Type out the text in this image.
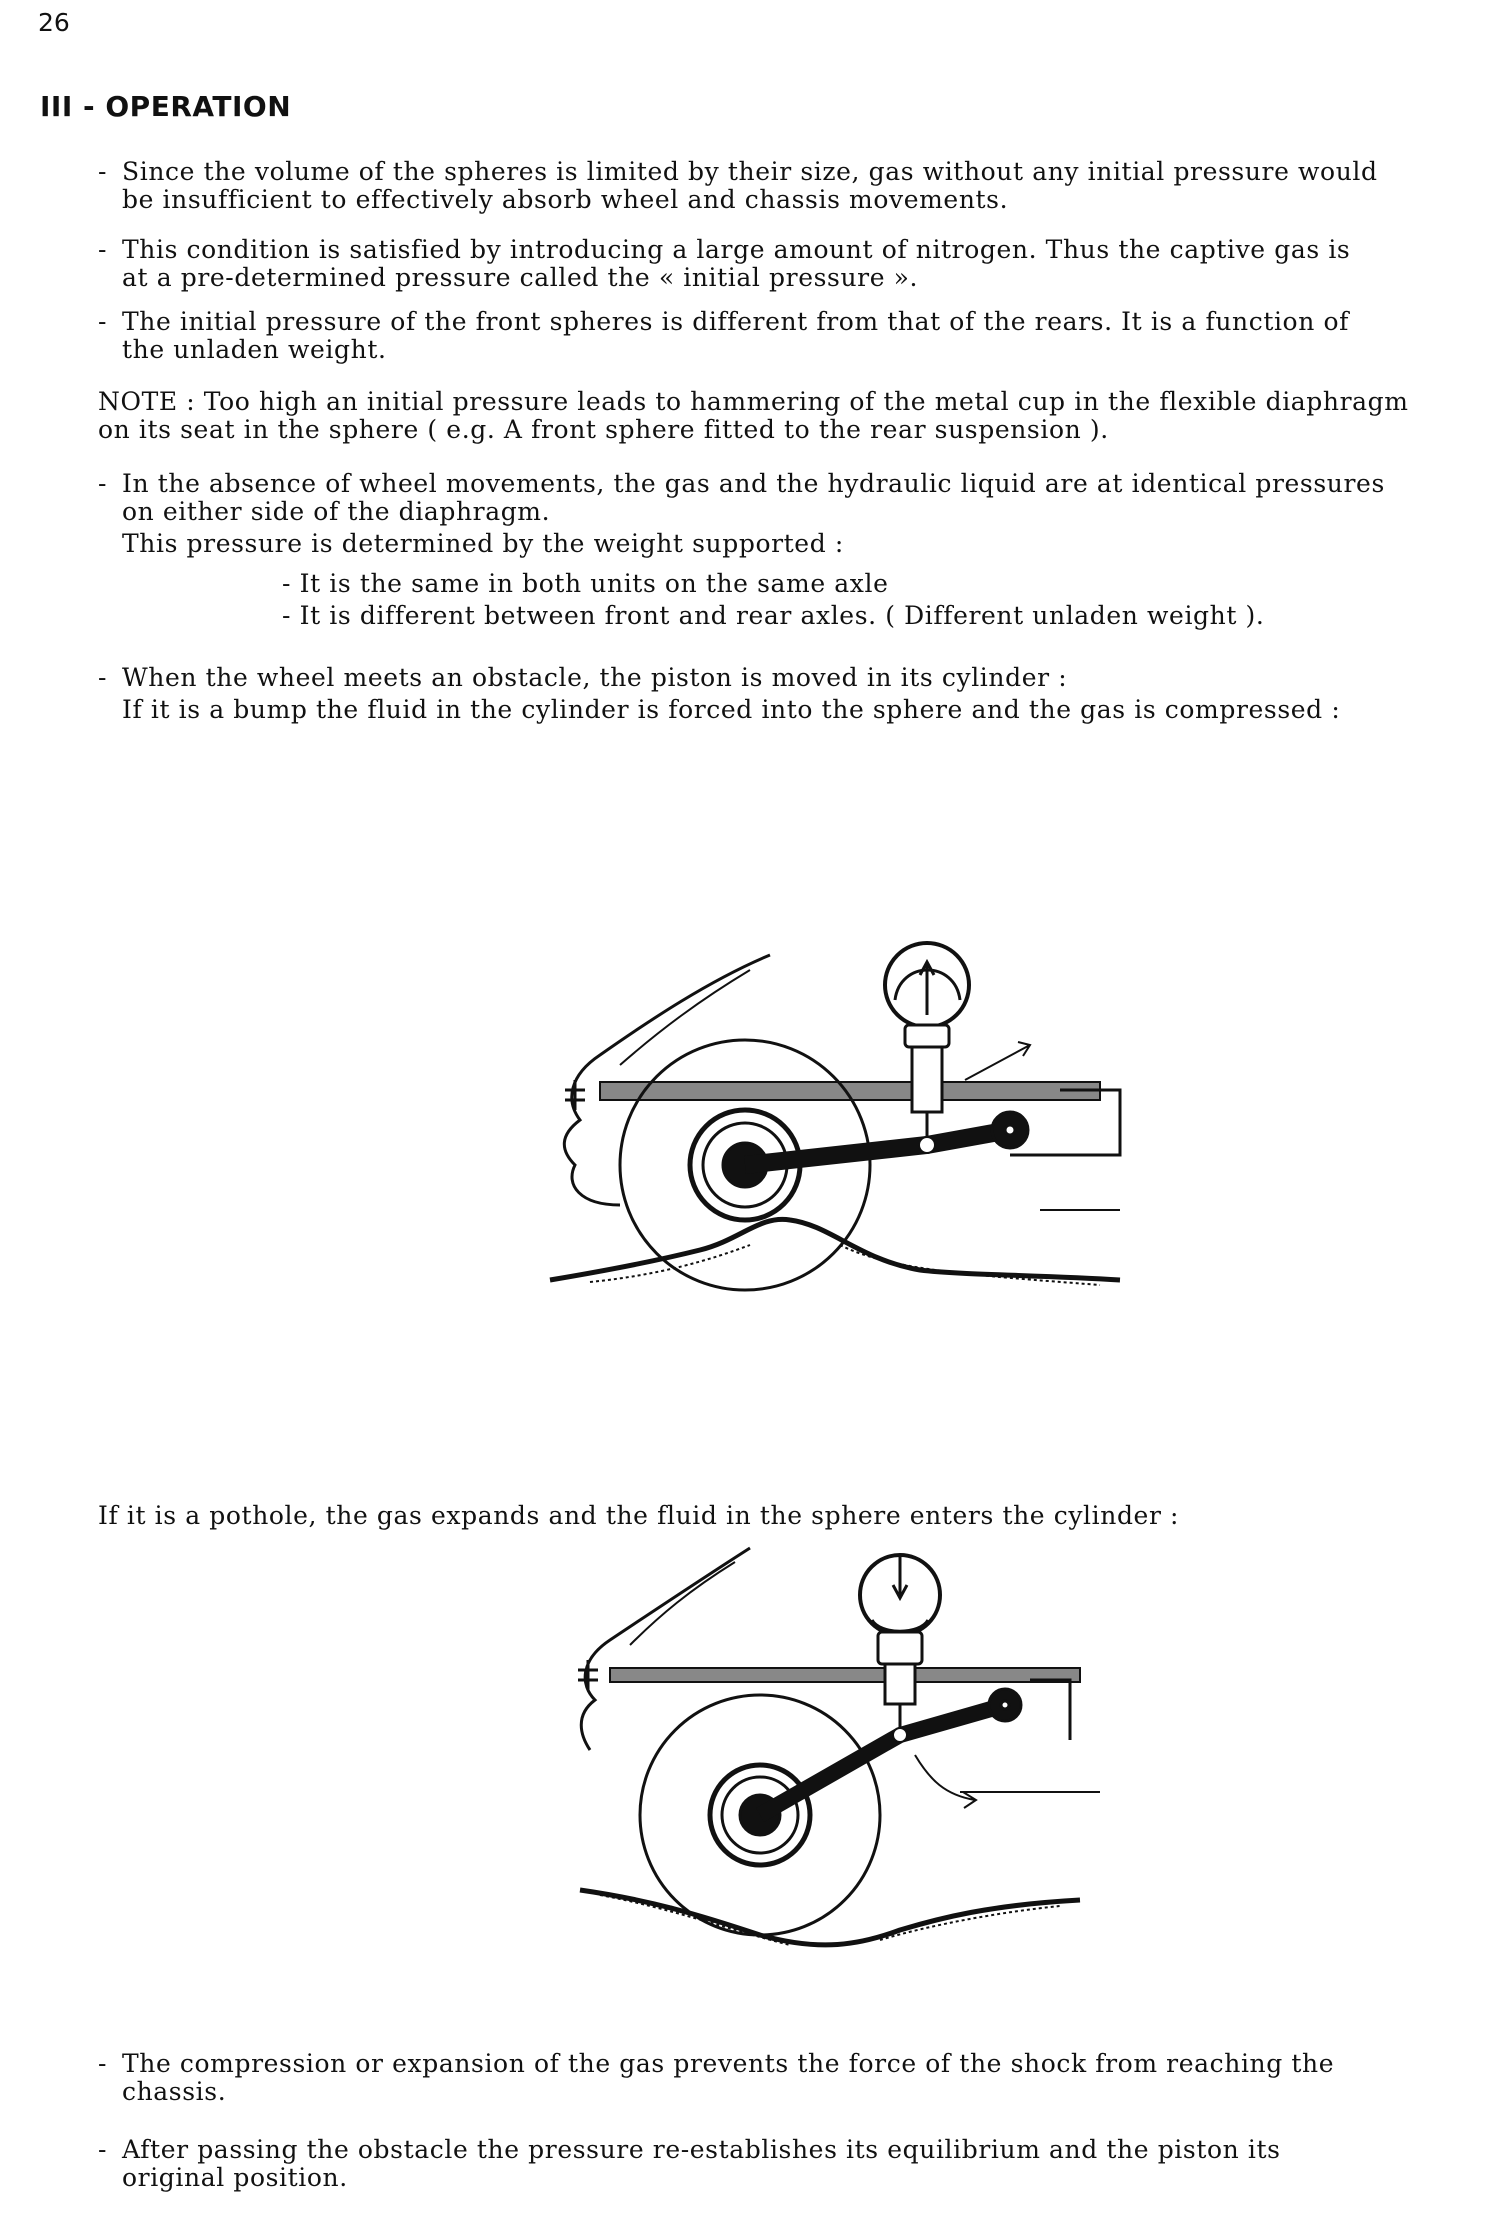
26
III - OPERATION
- Since the volume of the spheres is limited by their size, gas without any initial pressure would
be insufficient to effectively absorb wheel and chassis movements.
- This condition is satisfied by introducing a large amount of nitrogen. Thus the captive gas is
at a pre-determined pressure called the « initial pressure ».
- The initial pressure of the front spheres is different from that of the rears. It is a function of
the unladen weight.
NOTE : Too high an initial pressure leads to hammering of the metal cup in the flexible diaphragm
on its seat in the sphere ( e.g. A front sphere fitted to the rear suspension ).
- In the absence of wheel movements, the gas and the hydraulic liquid are at identical pressures
on either side of the diaphragm.
This pressure is determined by the weight supported :
- It is the same in both units on the same axle
- It is different between front and rear axles. ( Different unladen weight ).
- When the wheel meets an obstacle, the piston is moved in its cylinder :
If it is a bump the fluid in the cylinder is forced into the sphere and the gas is compressed :
If it is a pothole, the gas expands and the fluid in the sphere enters the cylinder :
- The compression or expansion of the gas prevents the force of the shock from reaching the
chassis.
- After passing the obstacle the pressure re-establishes its equilibrium and the piston its
original position.
